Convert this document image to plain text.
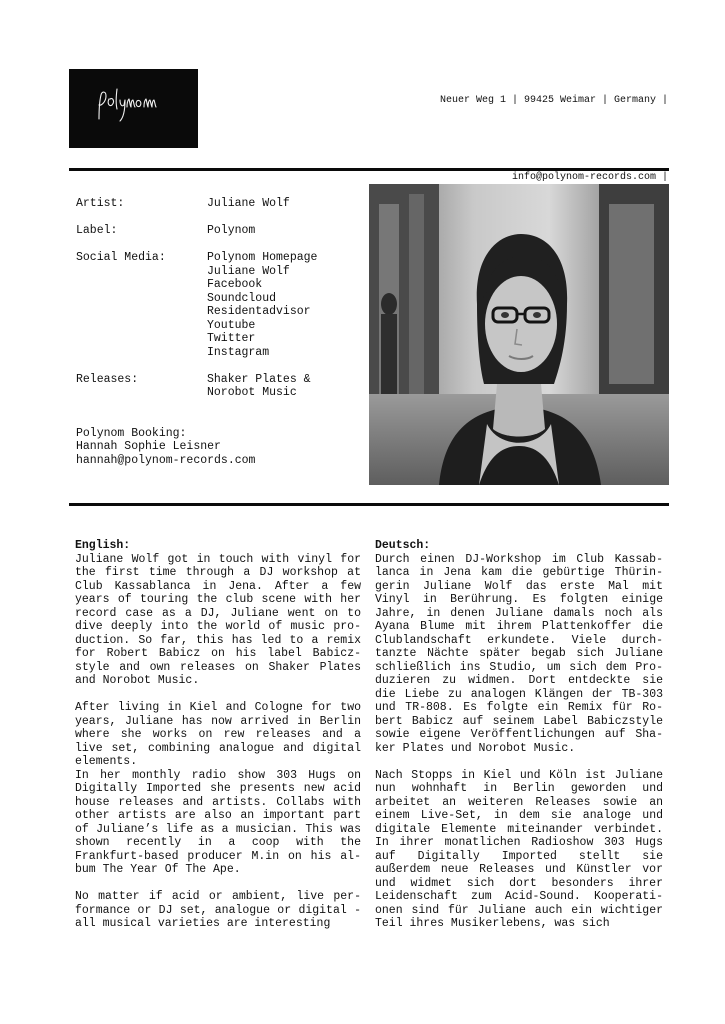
Neuer Weg 1 | 99425 Weimar | Germany |

info@polynom-records.com |

Artist:	Juliane Wolf
Label:	Polynom
Social Media:	Polynom Homepage
Juliane Wolf
Facebook
Soundcloud
Residentadvisor
Youtube
Twitter
Instagram
Releases:	Shaker Plates &
Norobot Music
Polynom Booking:
Hannah Sophie Leisner
hannah@polynom-records.com
English:

Juliane Wolf got in touch with vinyl for the first time through a DJ workshop at Club Kassablanca in Jena. After a few years of touring the club scene with her record case as a DJ, Juliane went on to dive deeply into the world of music production. So far, this has led to a remix for Robert Babicz on his label Babiczstyle and own releases on Shaker Plates and Norobot Music.

After living in Kiel and Cologne for two years, Juliane has now arrived in Berlin where she works on rew releases and a live set, combining analogue and digital elements.

In her monthly radio show 303 Hugs on Digitally Imported she presents new acid house releases and artists. Collabs with other artists are also an important part of Juliane’s life as a musician. This was shown recently in a coop with the Frankfurt-based producer M.in on his album The Year Of The Ape.

No matter if acid or ambient, live performance or DJ set, analogue or digital - all musical varieties are interesting

Deutsch:

Durch einen DJ-Workshop im Club Kassablanca in Jena kam die gebürtige Thüringerin Juliane Wolf das erste Mal mit Vinyl in Berührung. Es folgten einige Jahre, in denen Juliane damals noch als Ayana Blume mit ihrem Plattenkoffer die Clublandschaft erkundete. Viele durchtanzte Nächte später begab sich Juliane schließlich ins Studio, um sich dem Produzieren zu widmen. Dort entdeckte sie die Liebe zu analogen Klängen der TB-303 und TR-808. Es folgte ein Remix für Robert Babicz auf seinem Label Babiczstyle sowie eigene Veröffentlichungen auf Shaker Plates und Norobot Music.

Nach Stopps in Kiel und Köln ist Juliane nun wohnhaft in Berlin geworden und arbeitet an weiteren Releases sowie an einem Live-Set, in dem sie analoge und digitale Elemente miteinander verbindet. In ihrer monatlichen Radioshow 303 Hugs auf Digitally Imported stellt sie außerdem neue Releases und Künstler vor und widmet sich dort besonders ihrer Leidenschaft zum Acid-Sound. Kooperationen sind für Juliane auch ein wichtiger Teil ihres Musikerlebens, was sich
